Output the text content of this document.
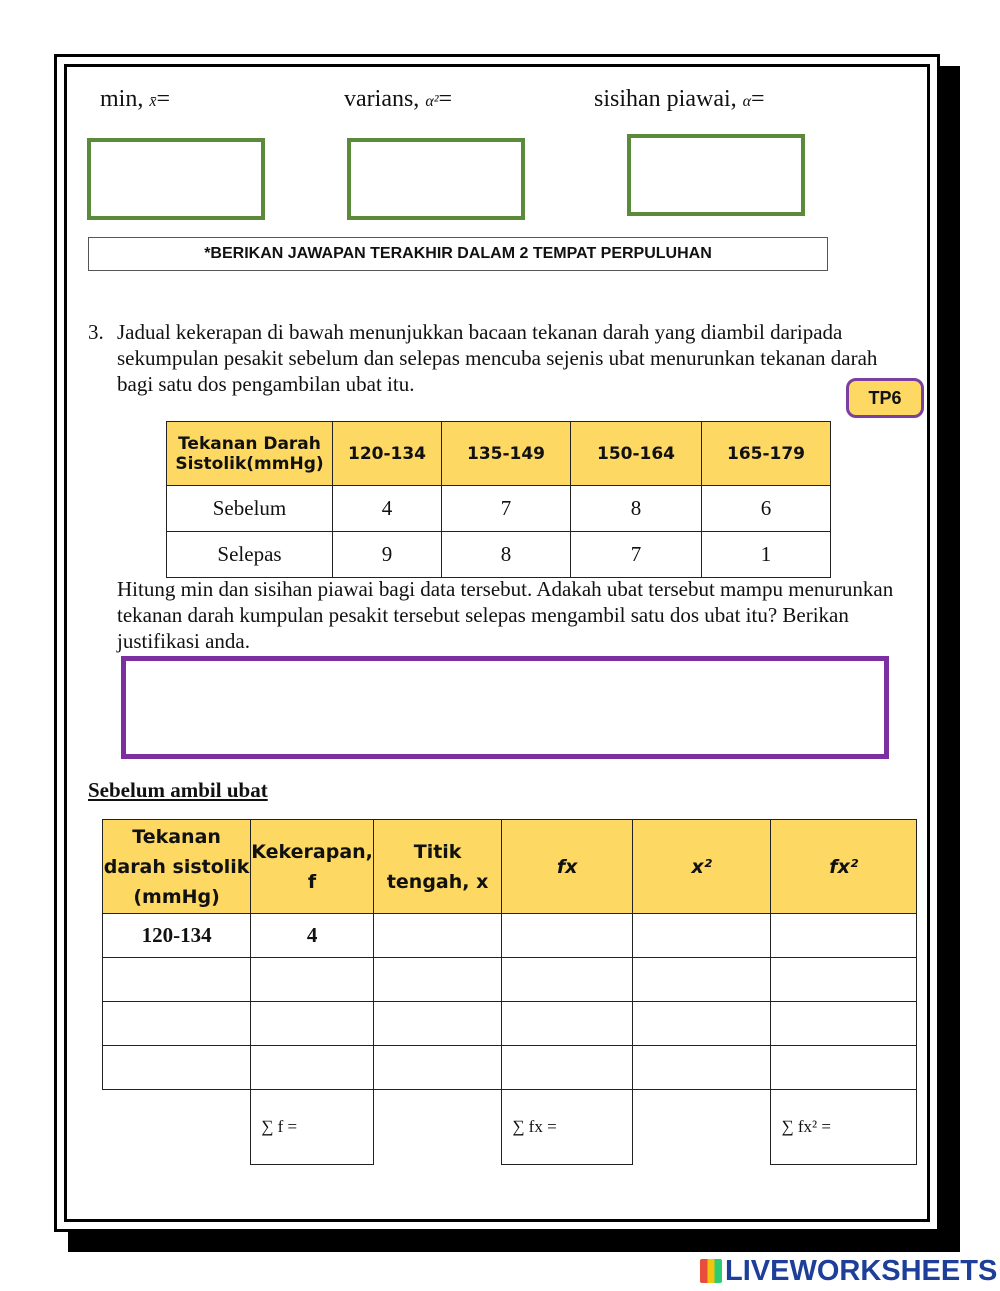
min, x̄=	varians, α²=	sisihan piawai, α=
*BERIKAN JAWAPAN TERAKHIR DALAM 2 TEMPAT PERPULUHAN
3. Jadual kekerapan di bawah menunjukkan bacaan tekanan darah yang diambil daripada sekumpulan pesakit sebelum dan selepas mencuba sejenis ubat menurunkan tekanan darah bagi satu dos pengambilan ubat itu.
TP6
Tekanan Darah
Sistolik(mmHg)	120-134	135-149	150-164	165-179
Sebelum	4	7	8	6
Selepas	9	8	7	1
Hitung min dan sisihan piawai bagi data tersebut. Adakah ubat tersebut mampu menurunkan tekanan darah kumpulan pesakit tersebut selepas mengambil satu dos ubat itu? Berikan justifikasi anda.
Sebelum ambil ubat
Tekanan darah sistolik (mmHg)	Kekerapan, f	Titik tengah, x	fx	x²	fx²
120-134	4				

	∑ f =		∑ fx =		∑ fx² =
LIVEWORKSHEETS
